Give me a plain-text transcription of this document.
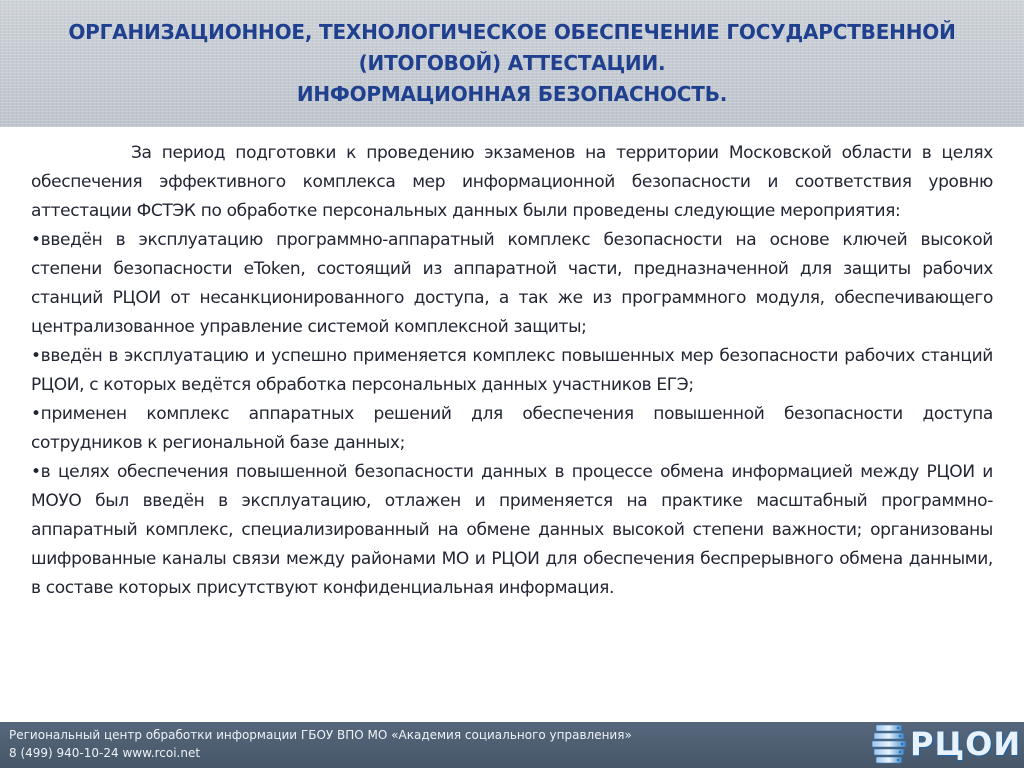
ОРГАНИЗАЦИОННОЕ, ТЕХНОЛОГИЧЕСКОЕ ОБЕСПЕЧЕНИЕ ГОСУДАРСТВЕННОЙ
(ИТОГОВОЙ) АТТЕСТАЦИИ.
ИНФОРМАЦИОННАЯ БЕЗОПАСНОСТЬ.

За период подготовки к проведению экзаменов на территории Московской области в целях обеспечения эффективного комплекса мер информационной безопасности и соответствия уровню аттестации ФСТЭК по обработке персональных данных были проведены следующие мероприятия:

•введён в эксплуатацию программно-аппаратный комплекс безопасности на основе ключей высокой степени безопасности eToken, состоящий из аппаратной части, предназначенной для защиты рабочих станций РЦОИ от несанкционированного доступа, а так же из программного модуля, обеспечивающего централизованное управление системой комплексной защиты;

•введён в эксплуатацию и успешно применяется комплекс повышенных мер безопасности рабочих станций РЦОИ, с которых ведётся обработка персональных данных участников ЕГЭ;

•применен комплекс аппаратных решений для обеспечения повышенной безопасности доступа сотрудников к региональной базе данных;

•в целях обеспечения повышенной безопасности данных в процессе обмена информацией между РЦОИ и МОУО был введён в эксплуатацию, отлажен и применяется на практике масштабный программно-аппаратный комплекс, специализированный на обмене данных высокой степени важности; организованы шифрованные каналы связи между районами МО и РЦОИ для обеспечения беспрерывного обмена данными, в составе которых присутствуют конфиденциальная информация.

Региональный центр обработки информации ГБОУ ВПО МО «Академия социального управления»
8 (499) 940-10-24 www.rcoi.net	РЦОИ
